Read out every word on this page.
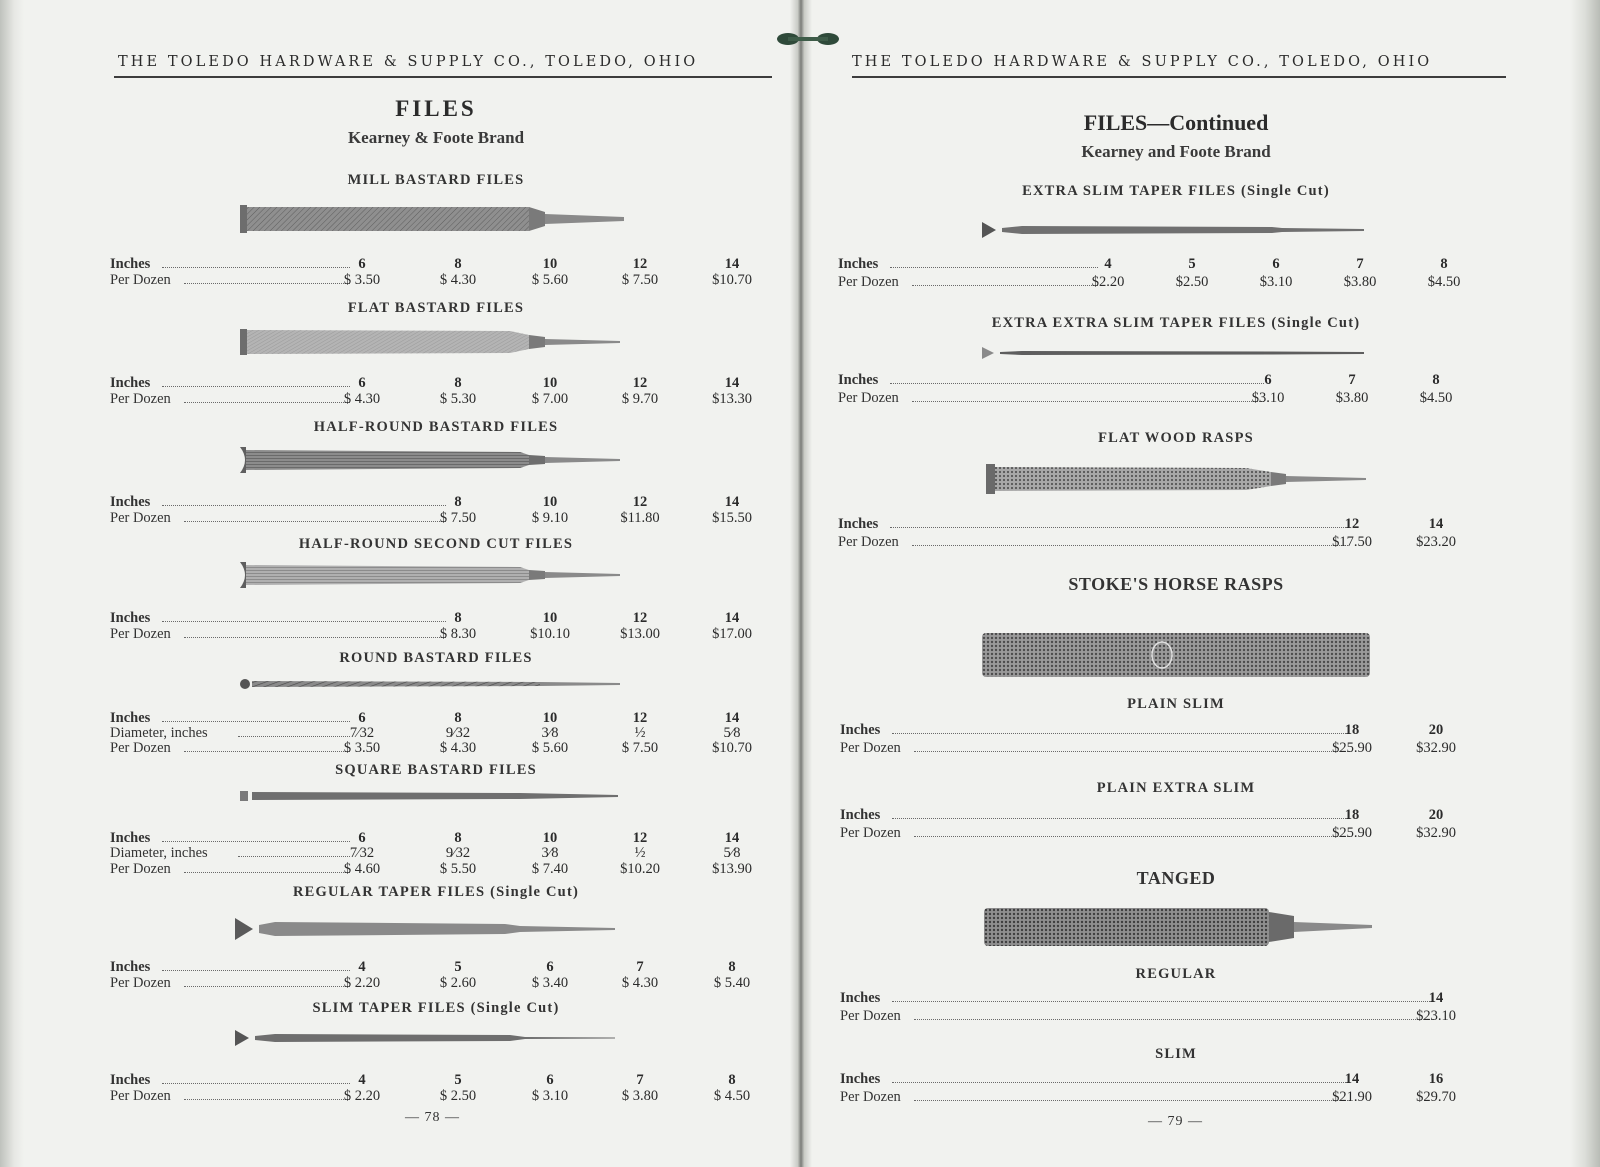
THE TOLEDO HARDWARE & SUPPLY CO., TOLEDO, OHIO
FILES
Kearney & Foote Brand
MILL BASTARD FILES
Inches	6	8	10	12	14
Per Dozen	$ 3.50	$ 4.30	$ 5.60	$ 7.50	$10.70
FLAT BASTARD FILES
Inches	6	8	10	12	14
Per Dozen	$ 4.30	$ 5.30	$ 7.00	$ 9.70	$13.30
HALF-ROUND BASTARD FILES
Inches	8	10	12	14
Per Dozen	$ 7.50	$ 9.10	$11.80	$15.50
HALF-ROUND SECOND CUT FILES
Inches	8	10	12	14
Per Dozen	$ 8.30	$10.10	$13.00	$17.00
ROUND BASTARD FILES
Inches	6	8	10	12	14
Diameter, inches	7⁄32	9⁄32	3⁄8	½	5⁄8
Per Dozen	$ 3.50	$ 4.30	$ 5.60	$ 7.50	$10.70
SQUARE BASTARD FILES
Inches	6	8	10	12	14
Diameter, inches	7⁄32	9⁄32	3⁄8	½	5⁄8
Per Dozen	$ 4.60	$ 5.50	$ 7.40	$10.20	$13.90
REGULAR TAPER FILES (Single Cut)
Inches	4	5	6	7	8
Per Dozen	$ 2.20	$ 2.60	$ 3.40	$ 4.30	$ 5.40
SLIM TAPER FILES (Single Cut)
Inches	4	5	6	7	8
Per Dozen	$ 2.20	$ 2.50	$ 3.10	$ 3.80	$ 4.50
— 78 —
THE TOLEDO HARDWARE & SUPPLY CO., TOLEDO, OHIO
FILES—Continued
Kearney and Foote Brand
EXTRA SLIM TAPER FILES (Single Cut)
Inches	4	5	6	7	8
Per Dozen	$2.20	$2.50	$3.10	$3.80	$4.50
EXTRA EXTRA SLIM TAPER FILES (Single Cut)
Inches	6	7	8
Per Dozen	$3.10	$3.80	$4.50
FLAT WOOD RASPS
Inches	12	14
Per Dozen	$17.50	$23.20
Inches	18	20
Per Dozen	$25.90	$32.90
Inches	18	20
Per Dozen	$25.90	$32.90
Inches	14
Per Dozen	$23.10
Inches	14	16
Per Dozen	$21.90	$29.70
STOKE'S HORSE RASPS
PLAIN SLIM
PLAIN EXTRA SLIM
TANGED
REGULAR
SLIM
— 79 —
